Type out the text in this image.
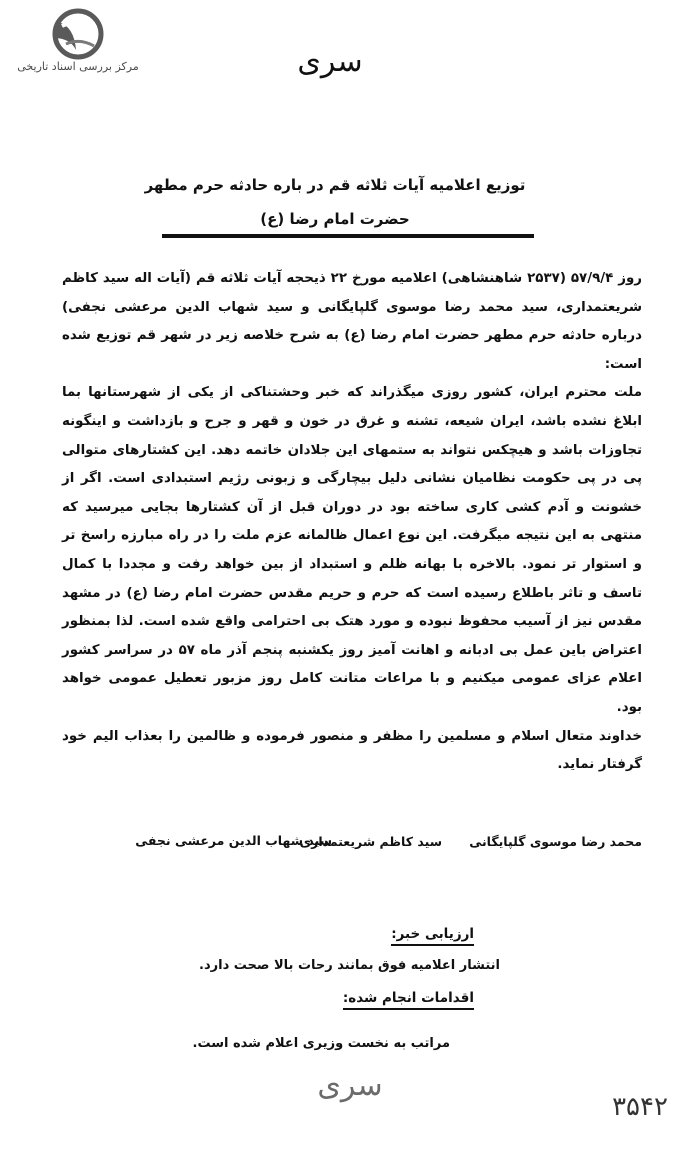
مرکز بررسی اسناد تاریخی	سری
توزیع اعلامیه آیات ثلاثه قم در باره حادثه حرم مطهر حضرت امام رضا (ع)

روز ۵۷/۹/۴ (۲۵۳۷ شاهنشاهی) اعلامیه مورخ ۲۲ ذیحجه آیات ثلاثه قم (آیات اله سید کاظم شریعتمداری، سید محمد رضا موسوی گلپایگانی و سید شهاب الدین مرعشی نجفی) درباره حادثه حرم مطهر حضرت امام رضا (ع) به شرح خلاصه زیر در شهر قم توزیع شده است:

ملت محترم ایران، کشور روزی میگذراند که خبر وحشتناکی از یکی از شهرستانها بما ابلاغ نشده باشد، ایران شیعه، تشنه و غرق در خون و قهر و جرح و بازداشت و اینگونه تجاوزات باشد و هیچکس نتواند به ستمهای این جلادان خاتمه دهد. این کشتارهای متوالی پی در پی حکومت نظامیان نشانی دلیل بیچارگی و زبونی رژیم استبدادی است. اگر از خشونت و آدم کشی کاری ساخته بود در دوران قبل از آن کشتارها بجایی میرسید که منتهی به این نتیجه میگرفت. این نوع اعمال ظالمانه عزم ملت را در راه مبارزه راسخ تر و استوار تر نمود. بالاخره با بهانه ظلم و استبداد از بین خواهد رفت و مجددا با کمال تاسف و تاثر باطلاع رسیده است که حرم و حریم مقدس حضرت امام رضا (ع) در مشهد مقدس نیز از آسیب محفوظ نبوده و مورد هتک بی احترامی واقع شده است. لذا بمنظور اعتراض باین عمل بی ادبانه و اهانت آمیز روز یکشنبه پنجم آذر ماه ۵۷ در سراسر کشور اعلام عزای عمومی میکنیم و با مراعات متانت کامل روز مزبور تعطیل عمومی خواهد بود.

خداوند متعال اسلام و مسلمین را مظفر و منصور فرموده و ظالمین را بعذاب الیم خود گرفتار نماید.

محمد رضا موسوی گلپایگانی
سید کاظم شریعتمداری
سید شهاب الدین مرعشی نجفی
ارزیابی خبر:
انتشار اعلامیه فوق بمانند رحات بالا صحت دارد.
اقدامات انجام شده:
مراتب به نخست وزیری اعلام شده است.
سری
۳۵۴۲
